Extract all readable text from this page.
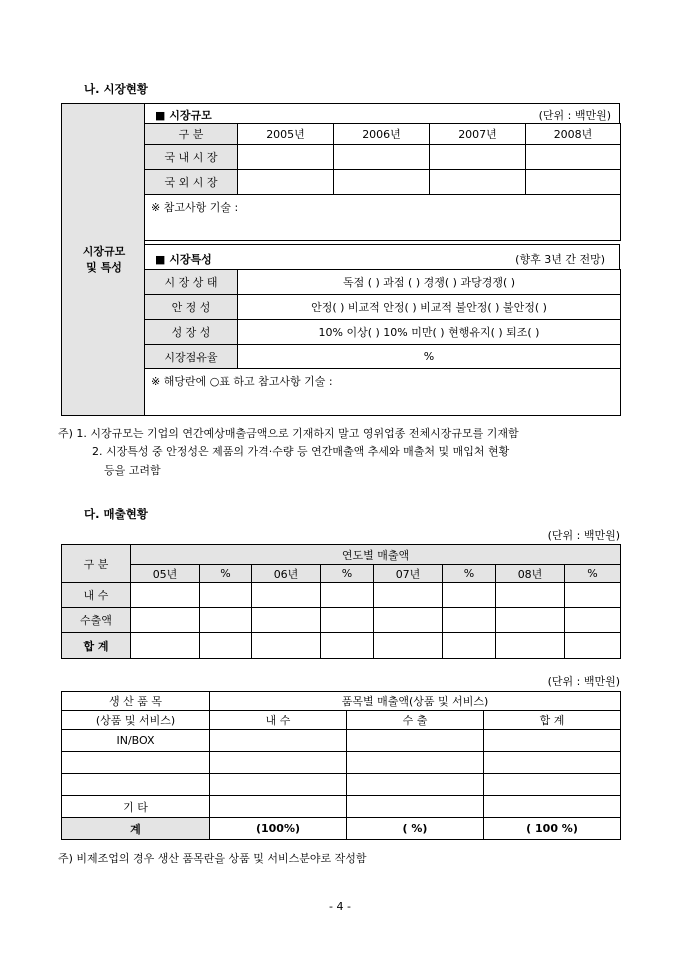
나. 시장현황
시장규모
및 특성
■ 시장규모	(단위 : 백만원)
구 분	2005년	2006년	2007년	2008년
국 내 시 장				
국 외 시 장				
※ 참고사항 기술 :				
■ 시장특성	(향후 3년 간 전망)
시 장 상 태	독점 ( ) 과점 ( ) 경쟁( ) 과당경쟁( )
안 정 성	안정( ) 비교적 안정( ) 비교적 불안정( ) 불안정( )
성 장 성	10% 이상( ) 10% 미만( ) 현행유지( ) 퇴조( )
시장점유율	%
※ 해당란에 ○표 하고 참고사항 기술 :	
주) 1. 시장규모는 기업의 연간예상매출금액으로 기재하지 말고 영위업종 전체시장규모를 기재함
2. 시장특성 중 안정성은 제품의 가격·수량 등 연간매출액 추세와 매출처 및 매입처 현황
등을 고려함
다. 매출현황
(단위 : 백만원)
구 분	연도별 매출액							
	05년	%	06년	%	07년	%	08년	%
내 수								
수출액								
합 계								
(단위 : 백만원)
생 산 품 목	품목별 매출액(상품 및 서비스)		
(상품 및 서비스)	내 수	수 출	합 계
IN/BOX			

기 타			
계	(100%)	( %)	( 100 %)
주) 비제조업의 경우 생산 품목란을 상품 및 서비스분야로 작성함
- 4 -
